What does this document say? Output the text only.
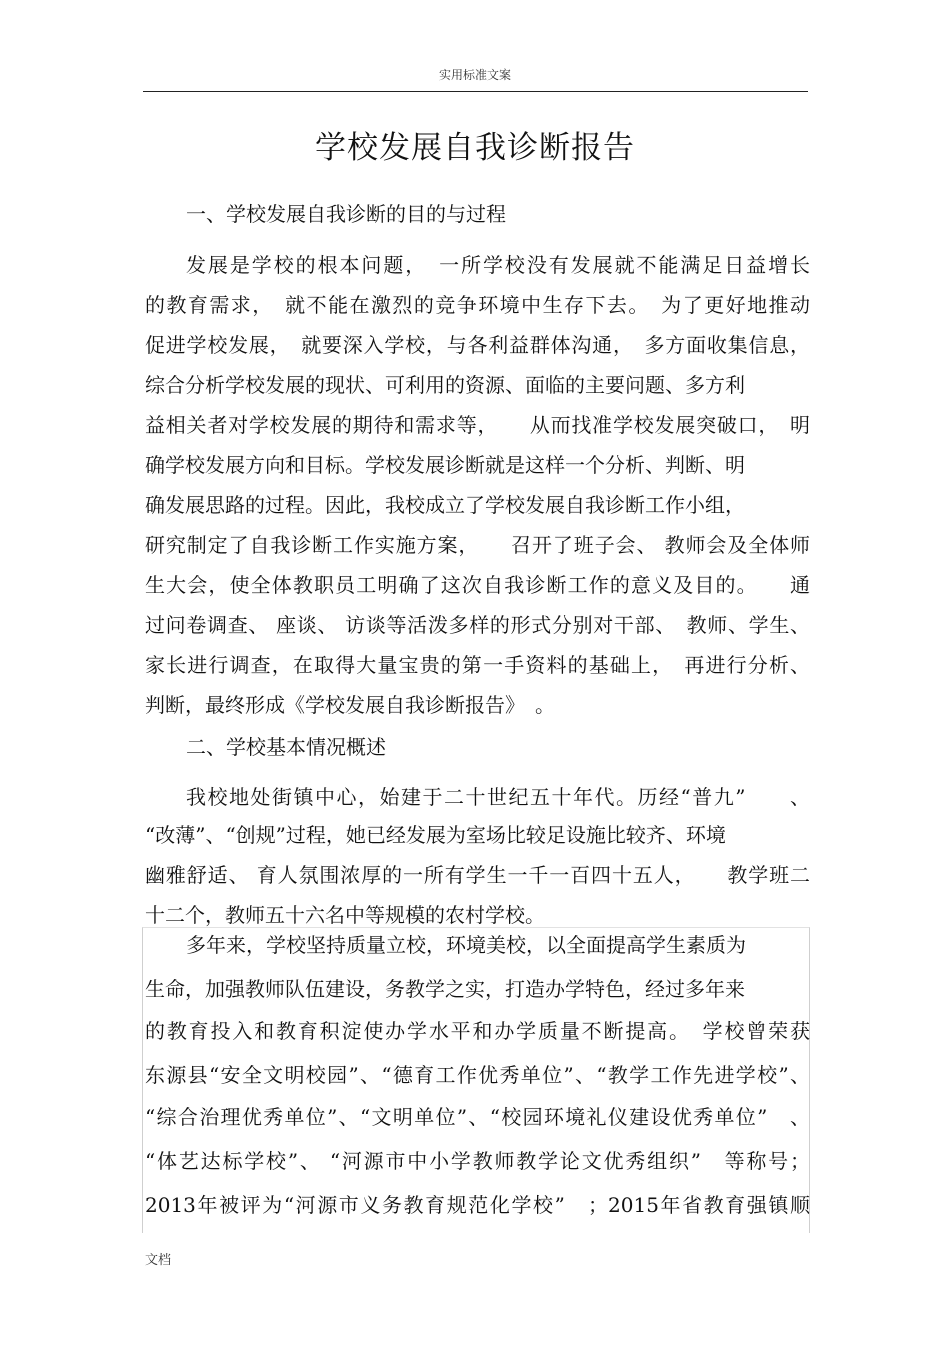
实用标准文案
学校发展自我诊断报告
一、学校发展自我诊断的目的与过程
发展是学校的根本问题，　一所学校没有发展就不能满足日益增长
的教育需求，　就不能在激烈的竞争环境中生存下去。　为了更好地推动
促进学校发展，　就要深入学校，与各利益群体沟通，　多方面收集信息，
综合分析学校发展的现状、可利用的资源、面临的主要问题、多方利
益相关者对学校发展的期待和需求等，　　从而找准学校发展突破口，　明
确学校发展方向和目标。学校发展诊断就是这样一个分析、判断、明
确发展思路的过程。因此，我校成立了学校发展自我诊断工作小组，
研究制定了自我诊断工作实施方案，　　召开了班子会、 教师会及全体师
生大会，使全体教职员工明确了这次自我诊断工作的意义及目的。　　通
过问卷调查、 座谈、 访谈等活泼多样的形式分别对干部、　教师、学生、
家长进行调查，在取得大量宝贵的第一手资料的基础上，　再进行分析、
判断，最终形成《学校发展自我诊断报告》　。
二、学校基本情况概述
我校地处街镇中心，始建于二十世纪五十年代。历经“普九”　　、
“改薄”、“创规”过程，她已经发展为室场比较足设施比较齐、环境
幽雅舒适、 育人氛围浓厚的一所有学生一千一百四十五人，　　教学班二
十二个，教师五十六名中等规模的农村学校。
多年来，学校坚持质量立校，环境美校，以全面提高学生素质为
生命，加强教师队伍建设，务教学之实，打造办学特色，经过多年来
的教育投入和教育积淀使办学水平和办学质量不断提高。　学校曾荣获
东源县“安全文明校园”、“德育工作优秀单位”、“教学工作先进学校”、
“综合治理优秀单位”、“文明单位”、“校园环境礼仪建设优秀单位”　、
“体艺达标学校”、 “河源市中小学教师教学论文优秀组织”　等称号；
2013年被评为“河源市义务教育规范化学校”　；2015年省教育强镇顺
文档
